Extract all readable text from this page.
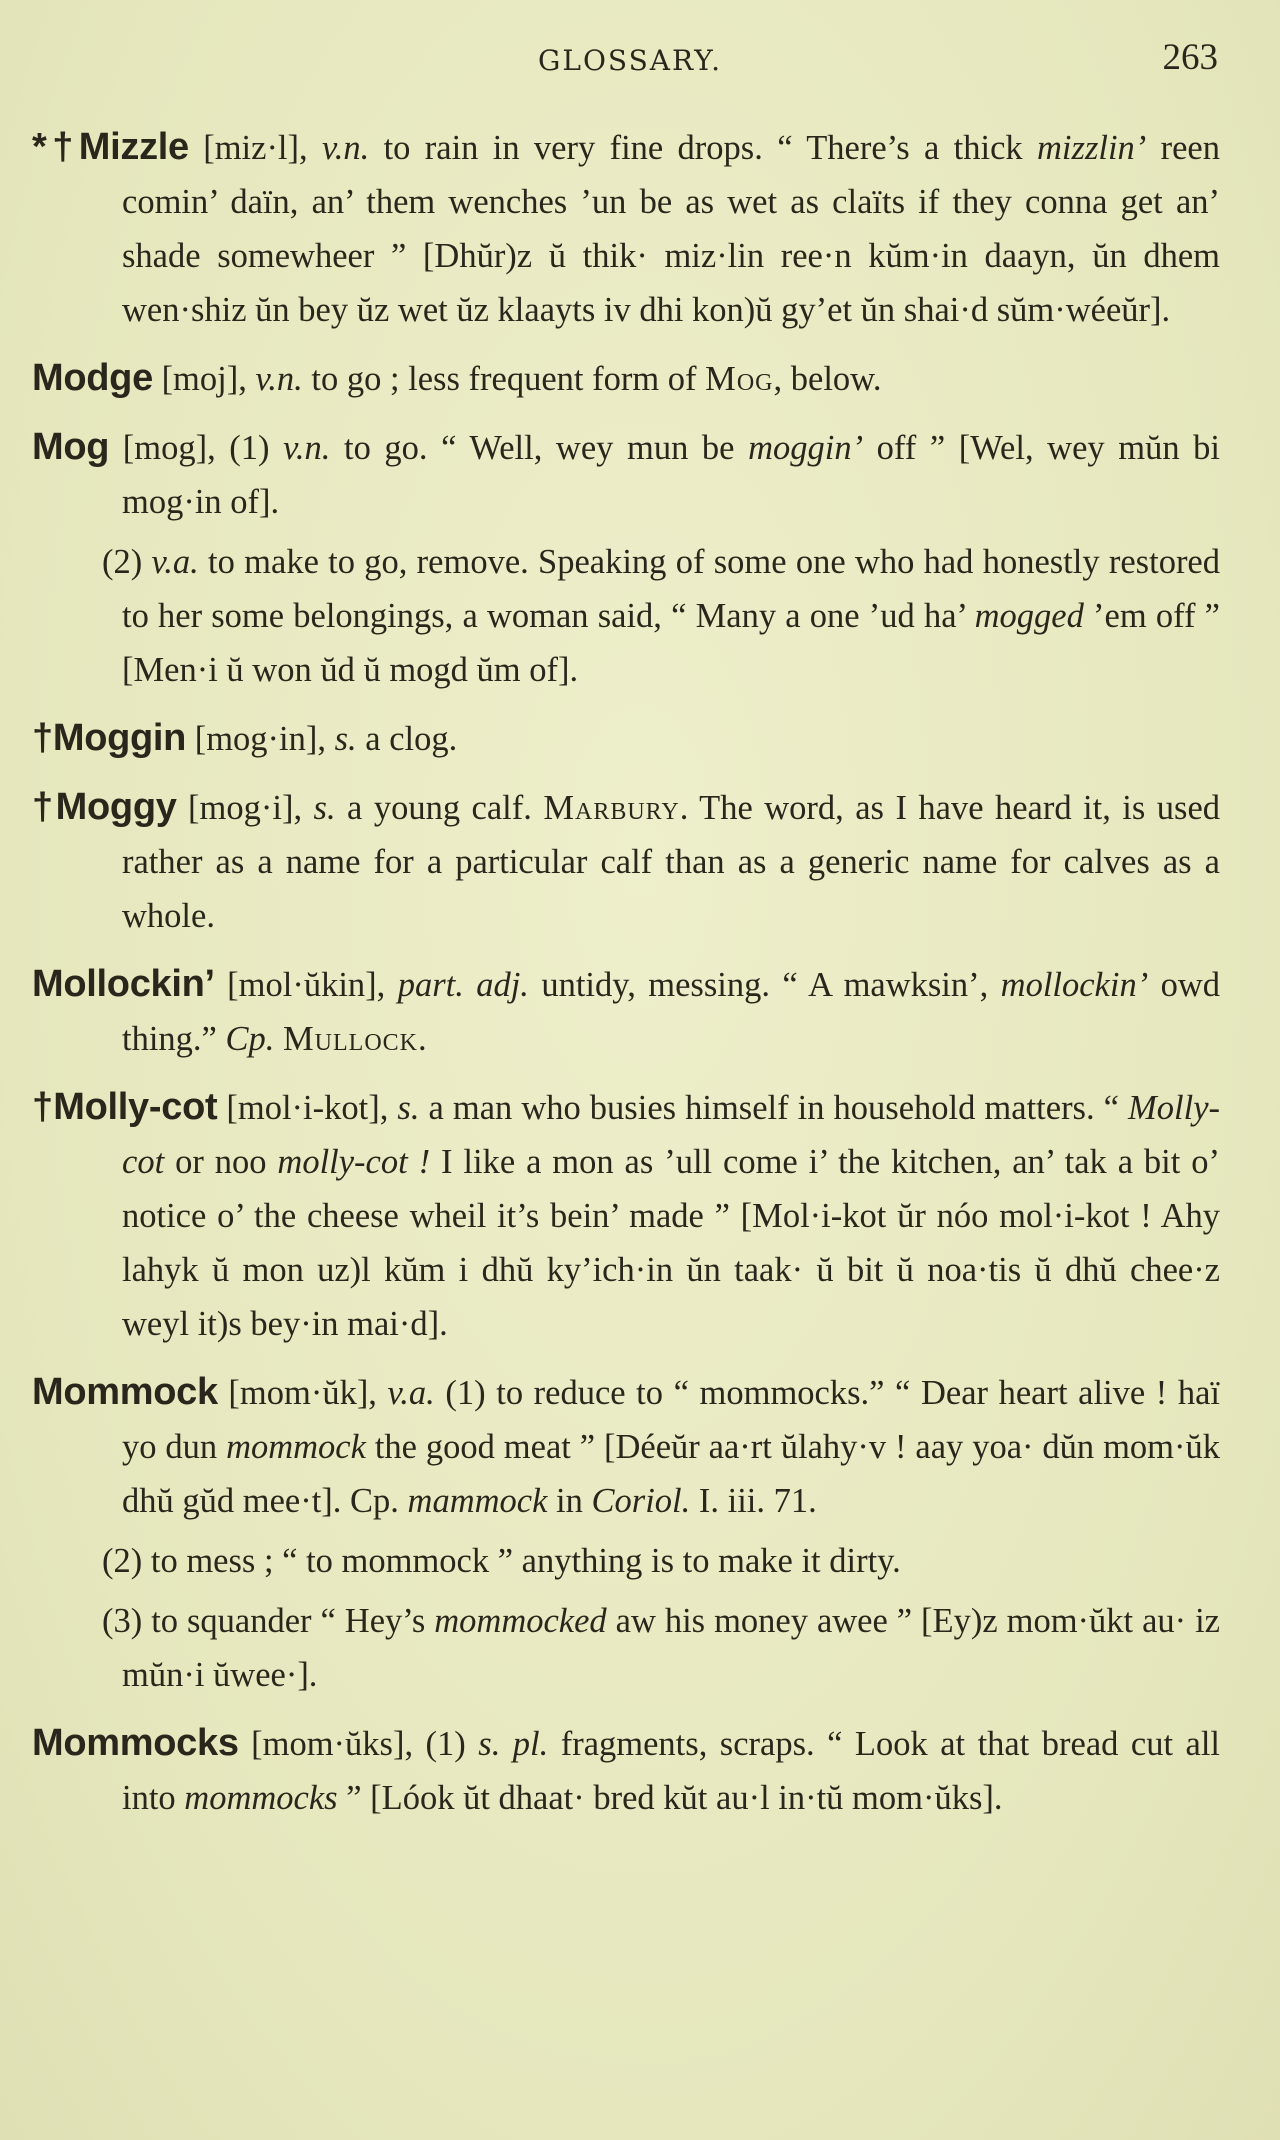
GLOSSARY.	263

*†Mizzle [miz·l], v.n. to rain in very fine drops. “ There’s a thick mizzlin’ reen comin’ daïn, an’ them wenches ’un be as wet as claïts if they conna get an’ shade somewheer ” [Dhŭr)z ŭ thik· miz·lin ree·n kŭm·in daayn, ŭn dhem wen·shiz ŭn bey ŭz wet ŭz klaayts iv dhi kon)ŭ gy’et ŭn shai·d sŭm·wéeŭr].

Modge [moj], v.n. to go ; less frequent form of Mog, below.

Mog [mog], (1) v.n. to go. “ Well, wey mun be moggin’ off ” [Wel, wey mŭn bi mog·in of].

(2) v.a. to make to go, remove. Speaking of some one who had honestly restored to her some belongings, a woman said, “ Many a one ’ud ha’ mogged ’em off ” [Men·i ŭ won ŭd ŭ mogd ŭm of].

†Moggin [mog·in], s. a clog.

†Moggy [mog·i], s. a young calf. Marbury. The word, as I have heard it, is used rather as a name for a particular calf than as a generic name for calves as a whole.

Mollockin’ [mol·ŭkin], part. adj. untidy, messing. “ A mawksin’, mollockin’ owd thing.” Cp. Mullock.

†Molly-cot [mol·i-kot], s. a man who busies himself in household matters. “ Molly-cot or noo molly-cot ! I like a mon as ’ull come i’ the kitchen, an’ tak a bit o’ notice o’ the cheese wheil it’s bein’ made ” [Mol·i-kot ŭr nóo mol·i-kot ! Ahy lahyk ŭ mon uz)l kŭm i dhŭ ky’ich·in ŭn taak· ŭ bit ŭ noa·tis ŭ dhŭ chee·z weyl it)s bey·in mai·d].

Mommock [mom·ŭk], v.a. (1) to reduce to “ mommocks.” “ Dear heart alive ! haï yo dun mommock the good meat ” [Déeŭr aa·rt ŭlahy·v ! aay yoa· dŭn mom·ŭk dhŭ gŭd mee·t]. Cp. mammock in Coriol. I. iii. 71.

(2) to mess ; “ to mommock ” anything is to make it dirty.

(3) to squander “ Hey’s mommocked aw his money awee ” [Ey)z mom·ŭkt au· iz mŭn·i ŭwee·].

Mommocks [mom·ŭks], (1) s. pl. fragments, scraps. “ Look at that bread cut all into mommocks ” [Lóok ŭt dhaat· bred kŭt au·l in·tŭ mom·ŭks].
